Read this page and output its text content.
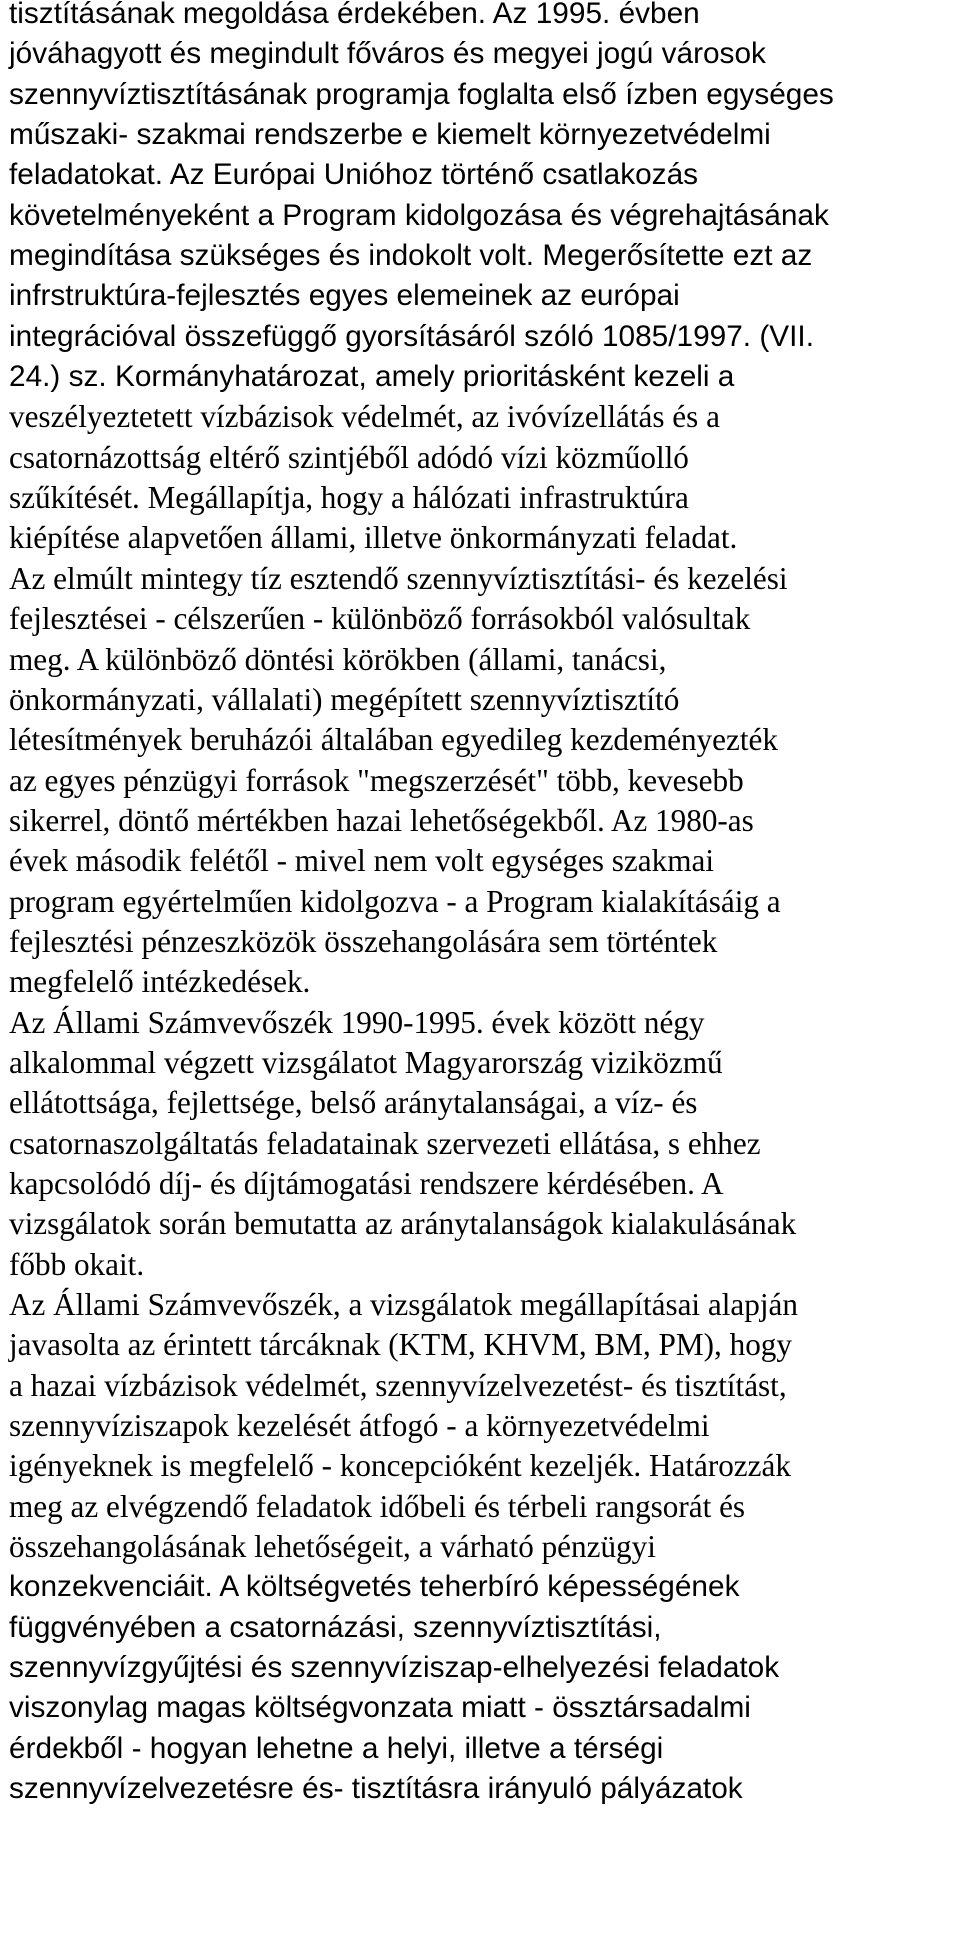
tisztításának megoldása érdekében. Az 1995. évben
jóváhagyott és megindult főváros és megyei jogú városok
szennyvíztisztításának programja foglalta első ízben egységes
műszaki- szakmai rendszerbe e kiemelt környezetvédelmi
feladatokat. Az Európai Unióhoz történő csatlakozás
követelményeként a Program kidolgozása és végrehajtásának
megindítása szükséges és indokolt volt. Megerősítette ezt az
infrstruktúra-fejlesztés egyes elemeinek az európai
integrációval összefüggő gyorsításáról szóló 1085/1997. (VII.
24.) sz. Kormányhatározat, amely prioritásként kezeli a
veszélyeztetett vízbázisok védelmét, az ivóvízellátás és a
csatornázottság eltérő szintjéből adódó vízi közműolló
szűkítését. Megállapítja, hogy a hálózati infrastruktúra
kiépítése alapvetően állami, illetve önkormányzati feladat.
Az elmúlt mintegy tíz esztendő szennyvíztisztítási- és kezelési
fejlesztései - célszerűen - különböző forrásokból valósultak
meg. A különböző döntési körökben (állami, tanácsi,
önkormányzati, vállalati) megépített szennyvíztisztító
létesítmények beruházói általában egyedileg kezdeményezték
az egyes pénzügyi források "megszerzését" több, kevesebb
sikerrel, döntő mértékben hazai lehetőségekből. Az 1980-as
évek második felétől - mivel nem volt egységes szakmai
program egyértelműen kidolgozva - a Program kialakításáig a
fejlesztési pénzeszközök összehangolására sem történtek
megfelelő intézkedések.
Az Állami Számvevőszék 1990-1995. évek között négy
alkalommal végzett vizsgálatot Magyarország viziközmű
ellátottsága, fejlettsége, belső aránytalanságai, a víz- és
csatornaszolgáltatás feladatainak szervezeti ellátása, s ehhez
kapcsolódó díj- és díjtámogatási rendszere kérdésében. A
vizsgálatok során bemutatta az aránytalanságok kialakulásának
főbb okait.
Az Állami Számvevőszék, a vizsgálatok megállapításai alapján
javasolta az érintett tárcáknak (KTM, KHVM, BM, PM), hogy
a hazai vízbázisok védelmét, szennyvízelvezetést- és tisztítást,
szennyvíziszapok kezelését átfogó - a környezetvédelmi
igényeknek is megfelelő - koncepcióként kezeljék. Határozzák
meg az elvégzendő feladatok időbeli és térbeli rangsorát és
összehangolásának lehetőségeit, a várható pénzügyi
konzekvenciáit. A költségvetés teherbíró képességének
függvényében a csatornázási, szennyvíztisztítási,
szennyvízgyűjtési és szennyvíziszap-elhelyezési feladatok
viszonylag magas költségvonzata miatt - össztársadalmi
érdekből - hogyan lehetne a helyi, illetve a térségi
szennyvízelvezetésre és- tisztításra irányuló pályázatok
